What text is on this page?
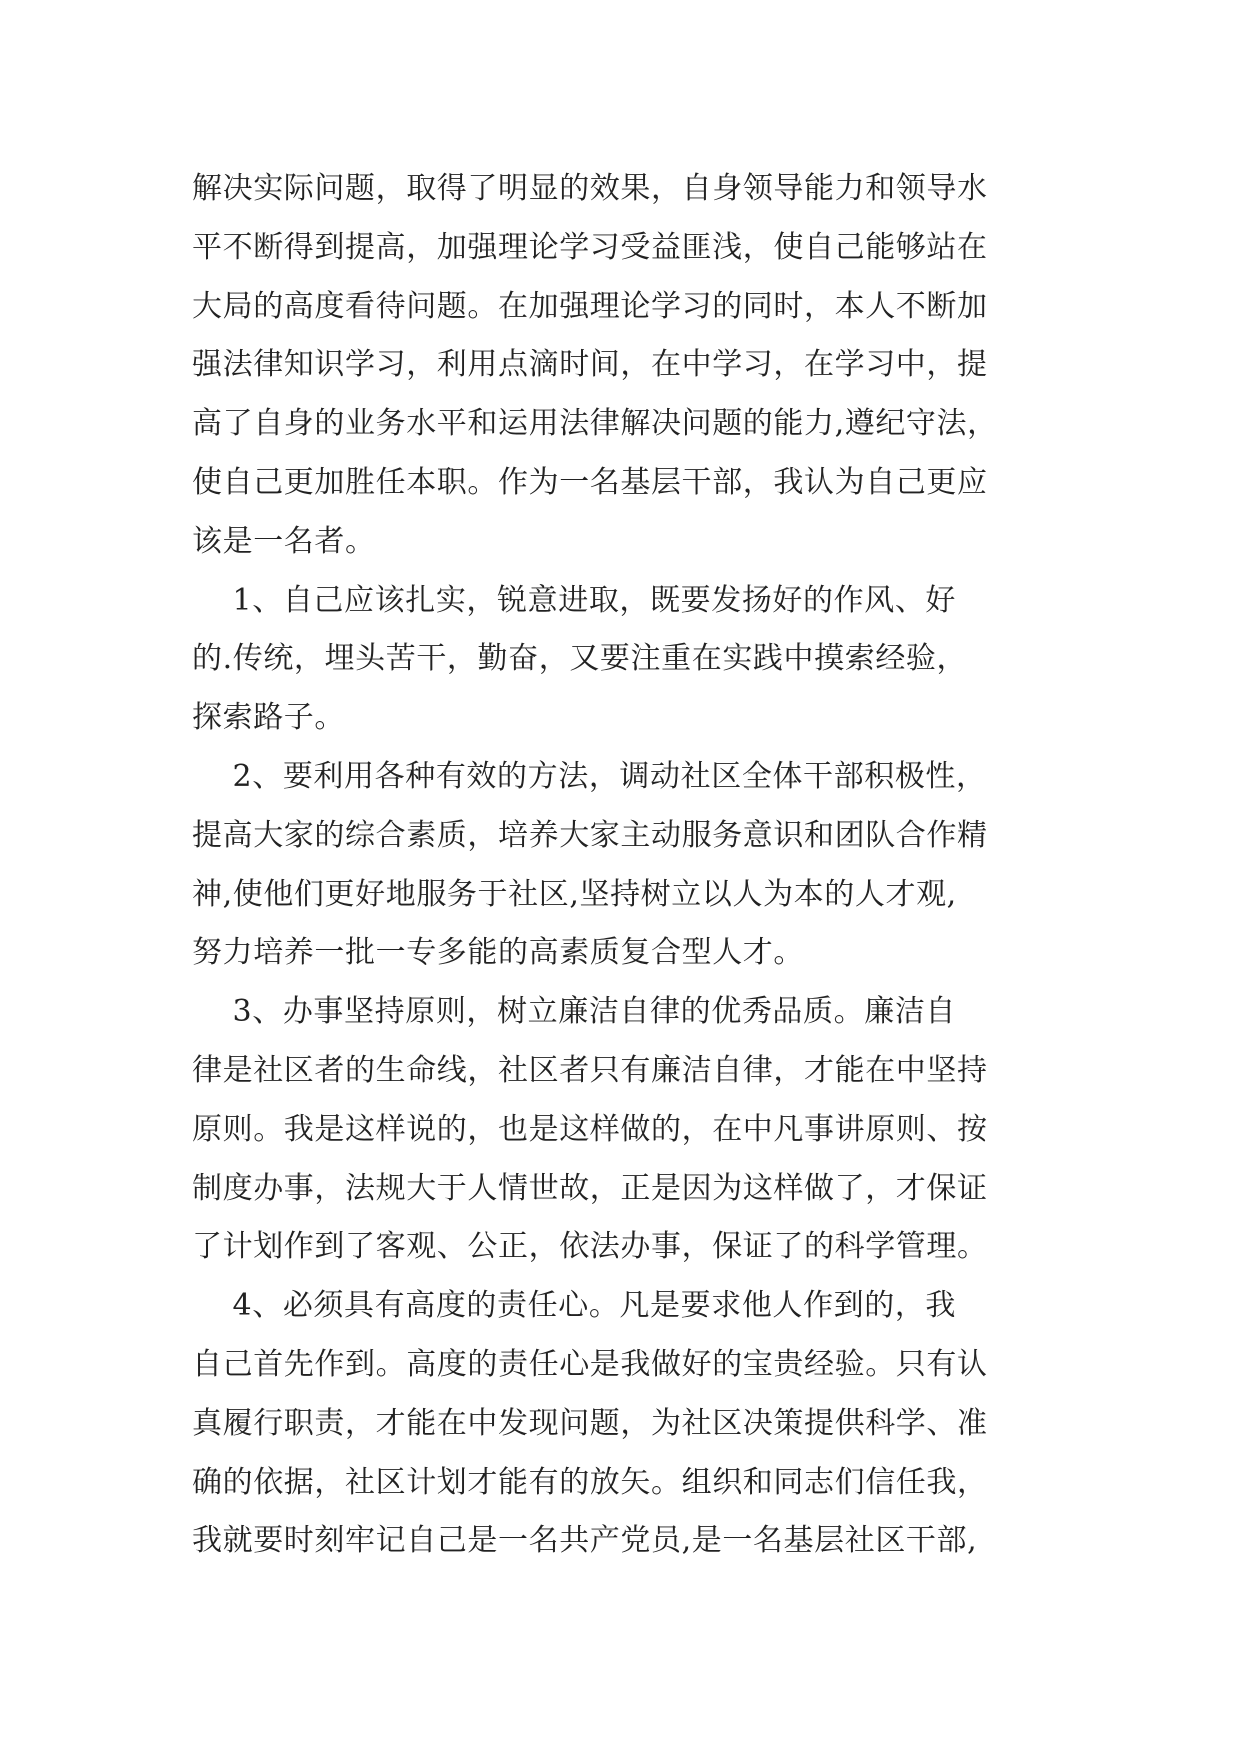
解决实际问题，取得了明显的效果，自身领导能力和领导水
平不断得到提高，加强理论学习受益匪浅，使自己能够站在
大局的高度看待问题。在加强理论学习的同时，本人不断加
强法律知识学习，利用点滴时间，在中学习，在学习中，提
高了自身的业务水平和运用法律解决问题的能力,遵纪守法，
使自己更加胜任本职。作为一名基层干部，我认为自己更应
该是一名者。
1、自己应该扎实，锐意进取，既要发扬好的作风、好
的.传统，埋头苦干，勤奋，又要注重在实践中摸索经验，
探索路子。
2、要利用各种有效的方法，调动社区全体干部积极性，
提高大家的综合素质，培养大家主动服务意识和团队合作精
神,使他们更好地服务于社区,坚持树立以人为本的人才观,
努力培养一批一专多能的高素质复合型人才。
3、办事坚持原则，树立廉洁自律的优秀品质。廉洁自
律是社区者的生命线，社区者只有廉洁自律，才能在中坚持
原则。我是这样说的，也是这样做的，在中凡事讲原则、按
制度办事，法规大于人情世故，正是因为这样做了，才保证
了计划作到了客观、公正，依法办事，保证了的科学管理。
4、必须具有高度的责任心。凡是要求他人作到的，我
自己首先作到。高度的责任心是我做好的宝贵经验。只有认
真履行职责，才能在中发现问题，为社区决策提供科学、准
确的依据，社区计划才能有的放矢。组织和同志们信任我，
我就要时刻牢记自己是一名共产党员,是一名基层社区干部,
